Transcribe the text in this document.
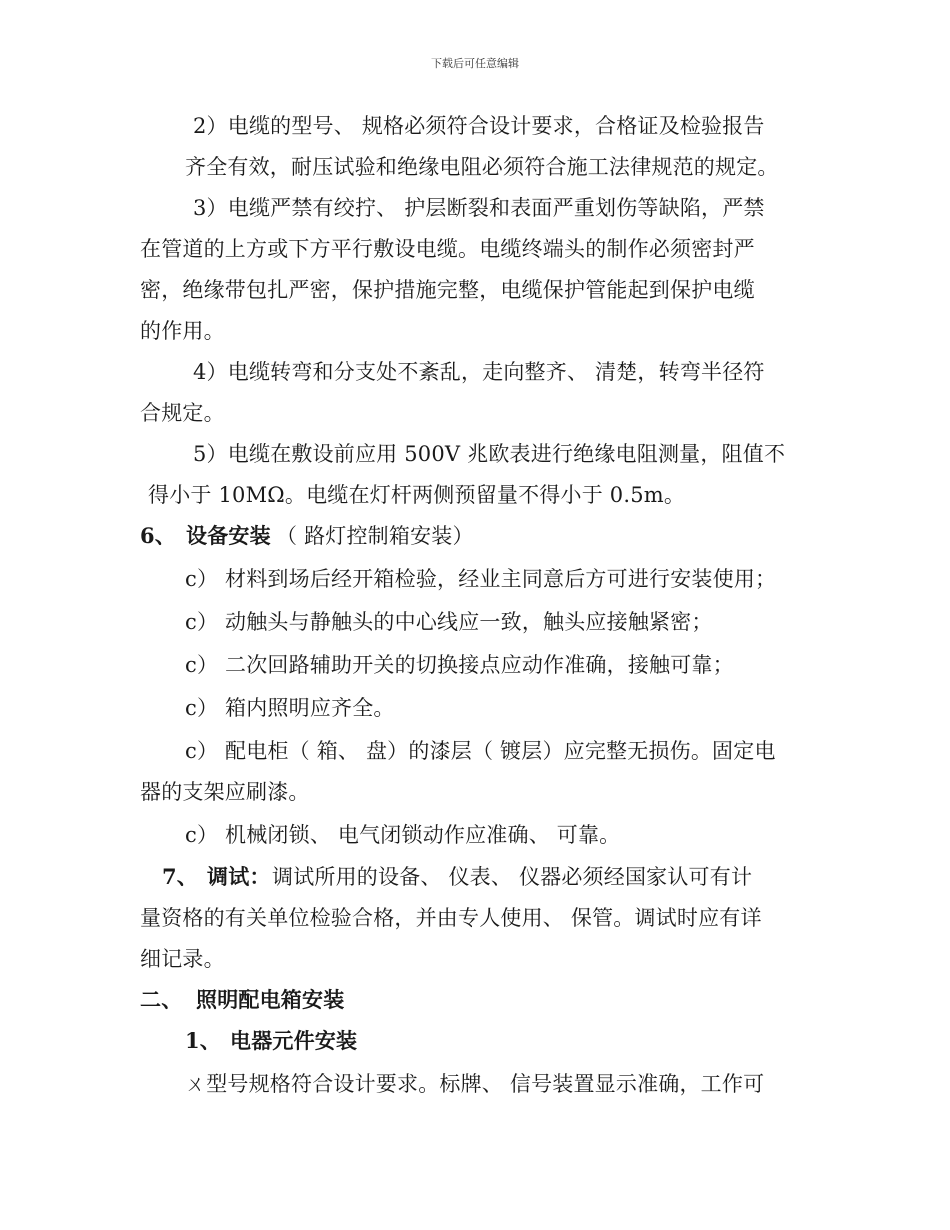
下载后可任意编辑
2）电缆的型号、 规格必须符合设计要求，合格证及检验报告
齐全有效，耐压试验和绝缘电阻必须符合施工法律规范的规定。
3）电缆严禁有绞拧、 护层断裂和表面严重划伤等缺陷，严禁
在管道的上方或下方平行敷设电缆。电缆终端头的制作必须密封严
密，绝缘带包扎严密，保护措施完整，电缆保护管能起到保护电缆
的作用。
4）电缆转弯和分支处不紊乱，走向整齐、 清楚，转弯半径符
合规定。
5）电缆在敷设前应用 500V 兆欧表进行绝缘电阻测量，阻值不
得小于 10MΩ。电缆在灯杆两侧预留量不得小于 0.5m。
6、 设备安装 （ 路灯控制箱安装）
c） 材料到场后经开箱检验，经业主同意后方可进行安装使用；
c） 动触头与静触头的中心线应一致，触头应接触紧密；
c） 二次回路辅助开关的切换接点应动作准确，接触可靠；
c） 箱内照明应齐全。
c） 配电柜（ 箱、 盘）的漆层（ 镀层）应完整无损伤。固定电
器的支架应刷漆。
c） 机械闭锁、 电气闭锁动作应准确、 可靠。
7、 调试： 调试所用的设备、 仪表、 仪器必须经国家认可有计
量资格的有关单位检验合格，并由专人使用、 保管。调试时应有详
细记录。
二、 照明配电箱安装
1、 电器元件安装
ㄨ型号规格符合设计要求。标牌、 信号装置显示准确，工作可
